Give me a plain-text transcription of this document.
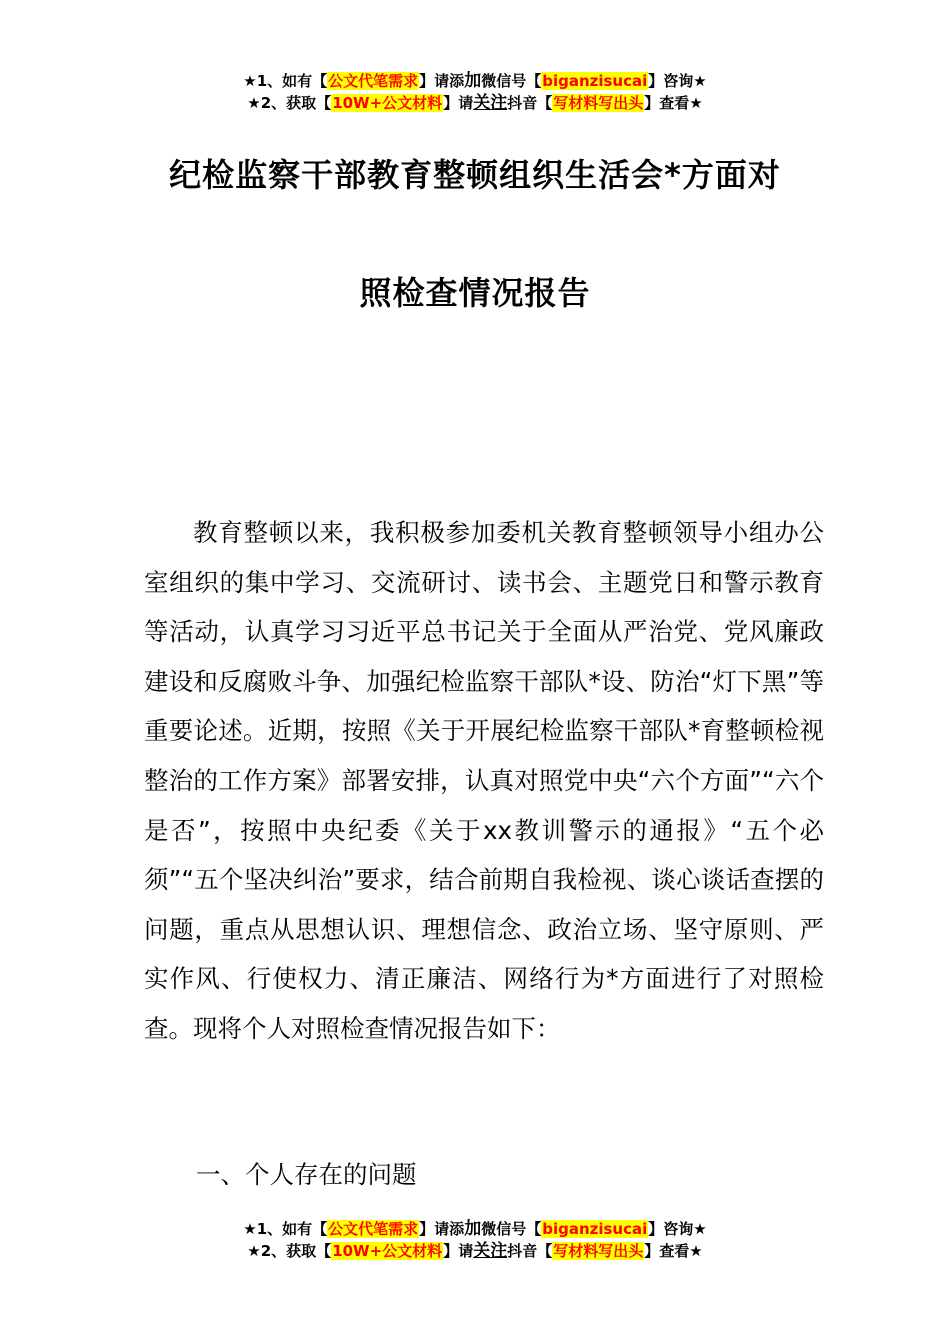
★1、如有【公文代笔需求】请添加微信号【biganzisucai】咨询★
★2、获取【10W+公文材料】请关注抖音【写材料写出头】查看★
纪检监察干部教育整顿组织生活会*方面对
照检查情况报告
教育整顿以来，我积极参加委机关教育整顿领导小组办公室组织的集中学习、交流研讨、读书会、主题党日和警示教育等活动，认真学习习近平总书记关于全面从严治党、党风廉政建设和反腐败斗争、加强纪检监察干部队*设、防治“灯下黑”等重要论述。近期，按照《关于开展纪检监察干部队*育整顿检视整治的工作方案》部署安排，认真对照党中央“六个方面”“六个是否”，按照中央纪委《关于xx教训警示的通报》“五个必须”“五个坚决纠治”要求，结合前期自我检视、谈心谈话查摆的问题，重点从思想认识、理想信念、政治立场、坚守原则、严实作风、行使权力、清正廉洁、网络行为*方面进行了对照检查。现将个人对照检查情况报告如下：
一、个人存在的问题
★1、如有【公文代笔需求】请添加微信号【biganzisucai】咨询★
★2、获取【10W+公文材料】请关注抖音【写材料写出头】查看★
